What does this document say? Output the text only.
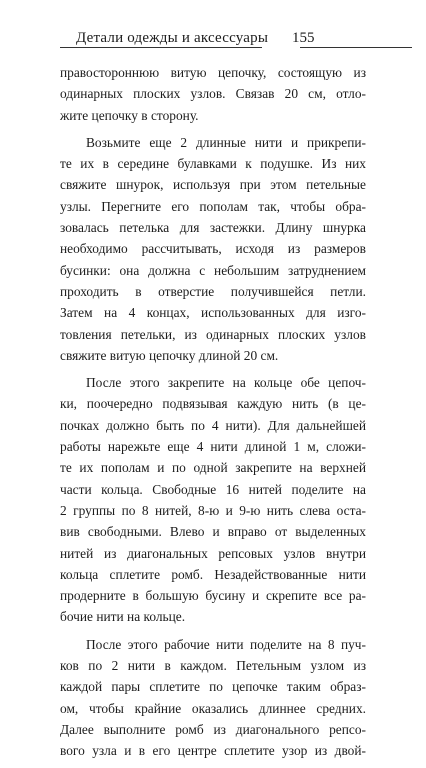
Детали одежды и аксессуары 155
правостороннюю витую цепочку, состоящую из
одинарных плоских узлов. Связав 20 см, отло-
жите цепочку в сторону.
Возьмите еще 2 длинные нити и прикрепи-
те их в середине булавками к подушке. Из них
свяжите шнурок, используя при этом петельные
узлы. Перегните его пополам так, чтобы обра-
зовалась петелька для застежки. Длину шнурка
необходимо рассчитывать, исходя из размеров
бусинки: она должна с небольшим затруднением
проходить в отверстие получившейся петли.
Затем на 4 концах, использованных для изго-
товления петельки, из одинарных плоских узлов
свяжите витую цепочку длиной 20 см.
После этого закрепите на кольце обе цепоч-
ки, поочередно подвязывая каждую нить (в це-
почках должно быть по 4 нити). Для дальнейшей
работы нарежьте еще 4 нити длиной 1 м, сложи-
те их пополам и по одной закрепите на верхней
части кольца. Свободные 16 нитей поделите на
2 группы по 8 нитей, 8-ю и 9-ю нить слева оста-
вив свободными. Влево и вправо от выделенных
нитей из диагональных репсовых узлов внутри
кольца сплетите ромб. Незадействованные нити
продерните в большую бусину и скрепите все ра-
бочие нити на кольце.
После этого рабочие нити поделите на 8 пуч-
ков по 2 нити в каждом. Петельным узлом из
каждой пары сплетите по цепочке таким образ-
ом, чтобы крайние оказались длиннее средних.
Далее выполните ромб из диагонального репсо-
вого узла и в его центре сплетите узор из двой-
